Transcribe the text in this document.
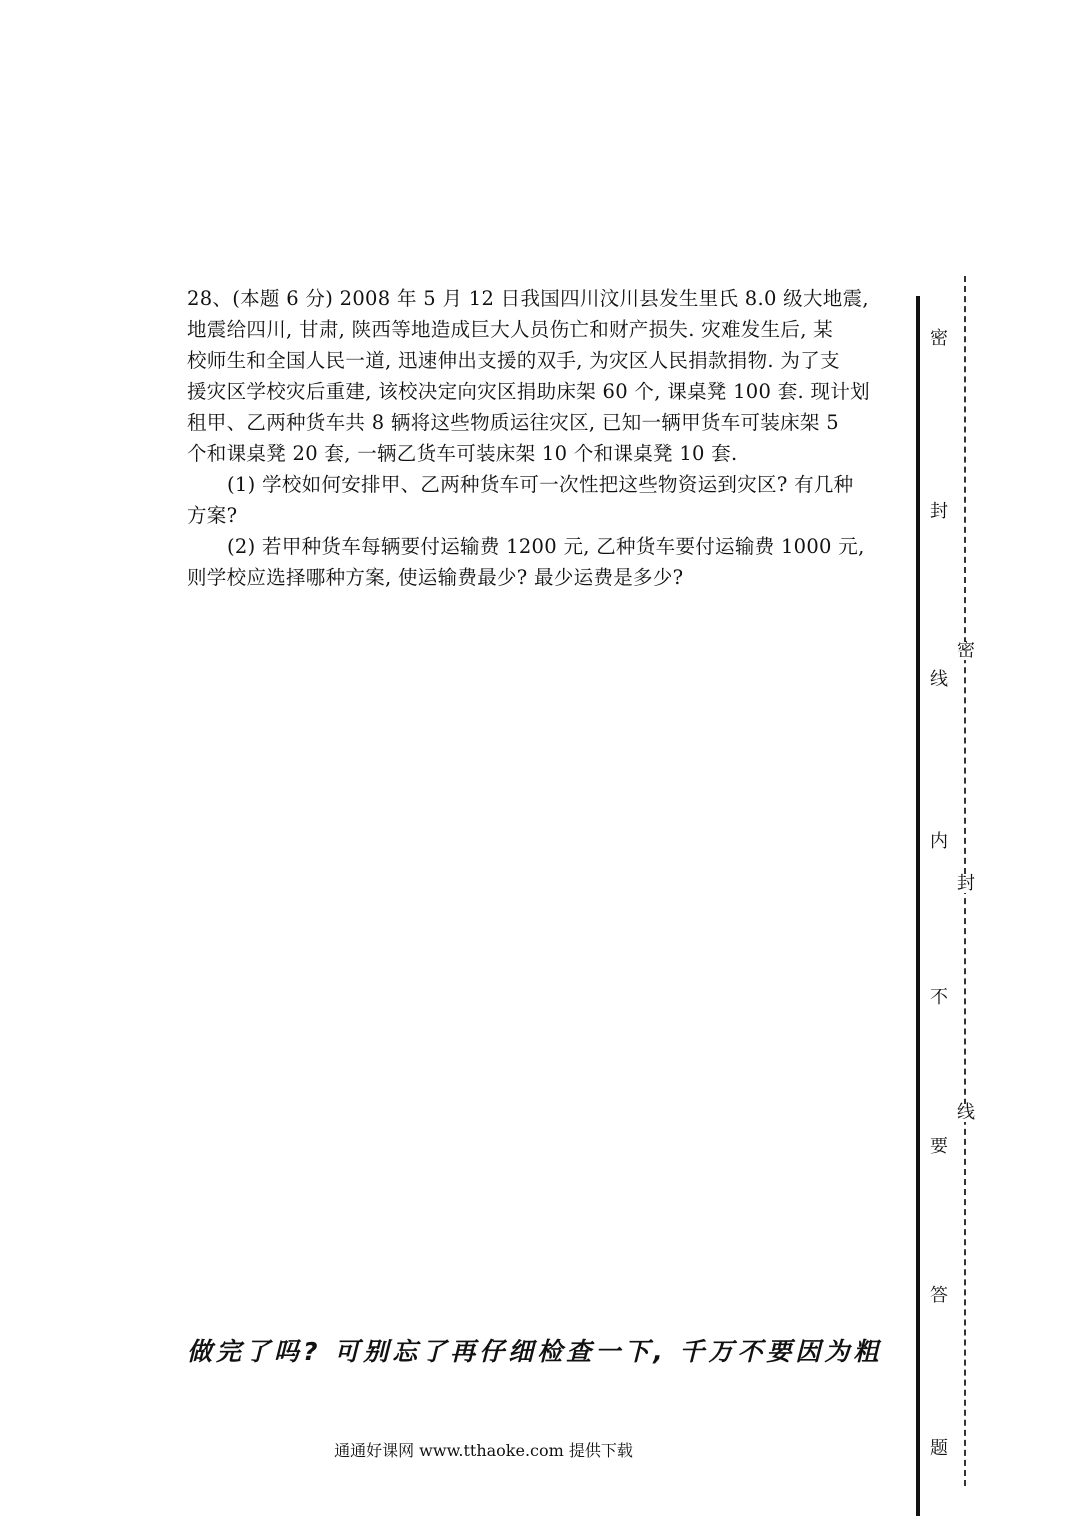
28、(本题 6 分) 2008 年 5 月 12 日我国四川汶川县发生里氏 8.0 级大地震,
地震给四川, 甘肃, 陕西等地造成巨大人员伤亡和财产损失. 灾难发生后, 某
校师生和全国人民一道, 迅速伸出支援的双手, 为灾区人民捐款捐物. 为了支
援灾区学校灾后重建, 该校决定向灾区捐助床架 60 个, 课桌凳 100 套. 现计划
租甲、乙两种货车共 8 辆将这些物质运往灾区, 已知一辆甲货车可装床架 5
个和课桌凳 20 套, 一辆乙货车可装床架 10 个和课桌凳 10 套.
(1) 学校如何安排甲、乙两种货车可一次性把这些物资运到灾区? 有几种
方案?
(2) 若甲种货车每辆要付运输费 1200 元, 乙种货车要付运输费 1000 元,
则学校应选择哪种方案, 使运输费最少? 最少运费是多少?
做完了吗? 可别忘了再仔细检查一下, 千万不要因为粗
通通好课网 www.tthaoke.com 提供下载
密
封
线
内
不
要
答
题
密
封
线
